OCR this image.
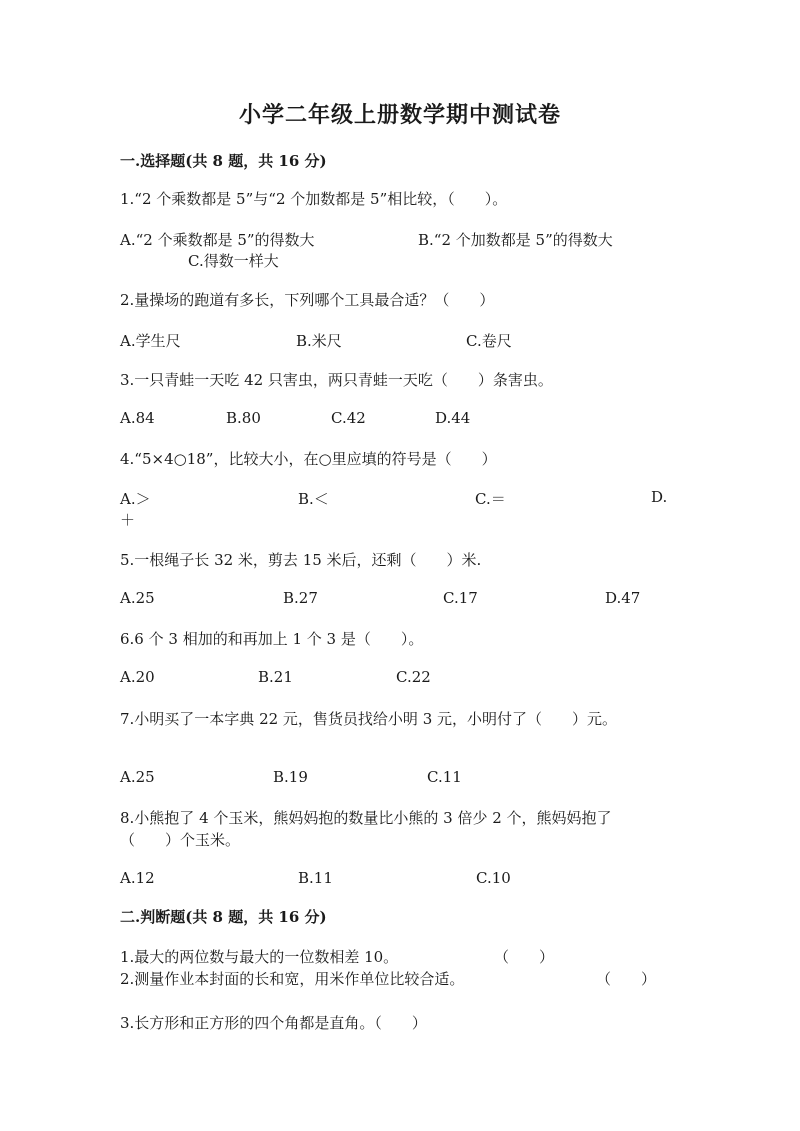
小学二年级上册数学期中测试卷
一.选择题(共 8 题，共 16 分)
1.“2 个乘数都是 5”与“2 个加数都是 5”相比较，（　　）。
A.“2 个乘数都是 5”的得数大	B.“2 个加数都是 5”的得数大
C.得数一样大
2.量操场的跑道有多长，下列哪个工具最合适？（　　）
A.学生尺	B.米尺	C.卷尺
3.一只青蛙一天吃 42 只害虫，两只青蛙一天吃（　　）条害虫。
A.84	B.80	C.42	D.44
4.“5×4○18”，比较大小，在○里应填的符号是（　　）
A.＞	B.＜	C.＝	D.
＋
5.一根绳子长 32 米，剪去 15 米后，还剩（　　）米.
A.25	B.27	C.17	D.47
6.6 个 3 相加的和再加上 1 个 3 是（　　）。
A.20	B.21	C.22
7.小明买了一本字典 22 元，售货员找给小明 3 元，小明付了（　　）元。
A.25	B.19	C.11
8.小熊抱了 4 个玉米，熊妈妈抱的数量比小熊的 3 倍少 2 个，熊妈妈抱了
（　　）个玉米。
A.12	B.11	C.10
二.判断题(共 8 题，共 16 分)
1.最大的两位数与最大的一位数相差 10。	（　　）
2.测量作业本封面的长和宽，用米作单位比较合适。	（　　）
3.长方形和正方形的四个角都是直角。（　　）
